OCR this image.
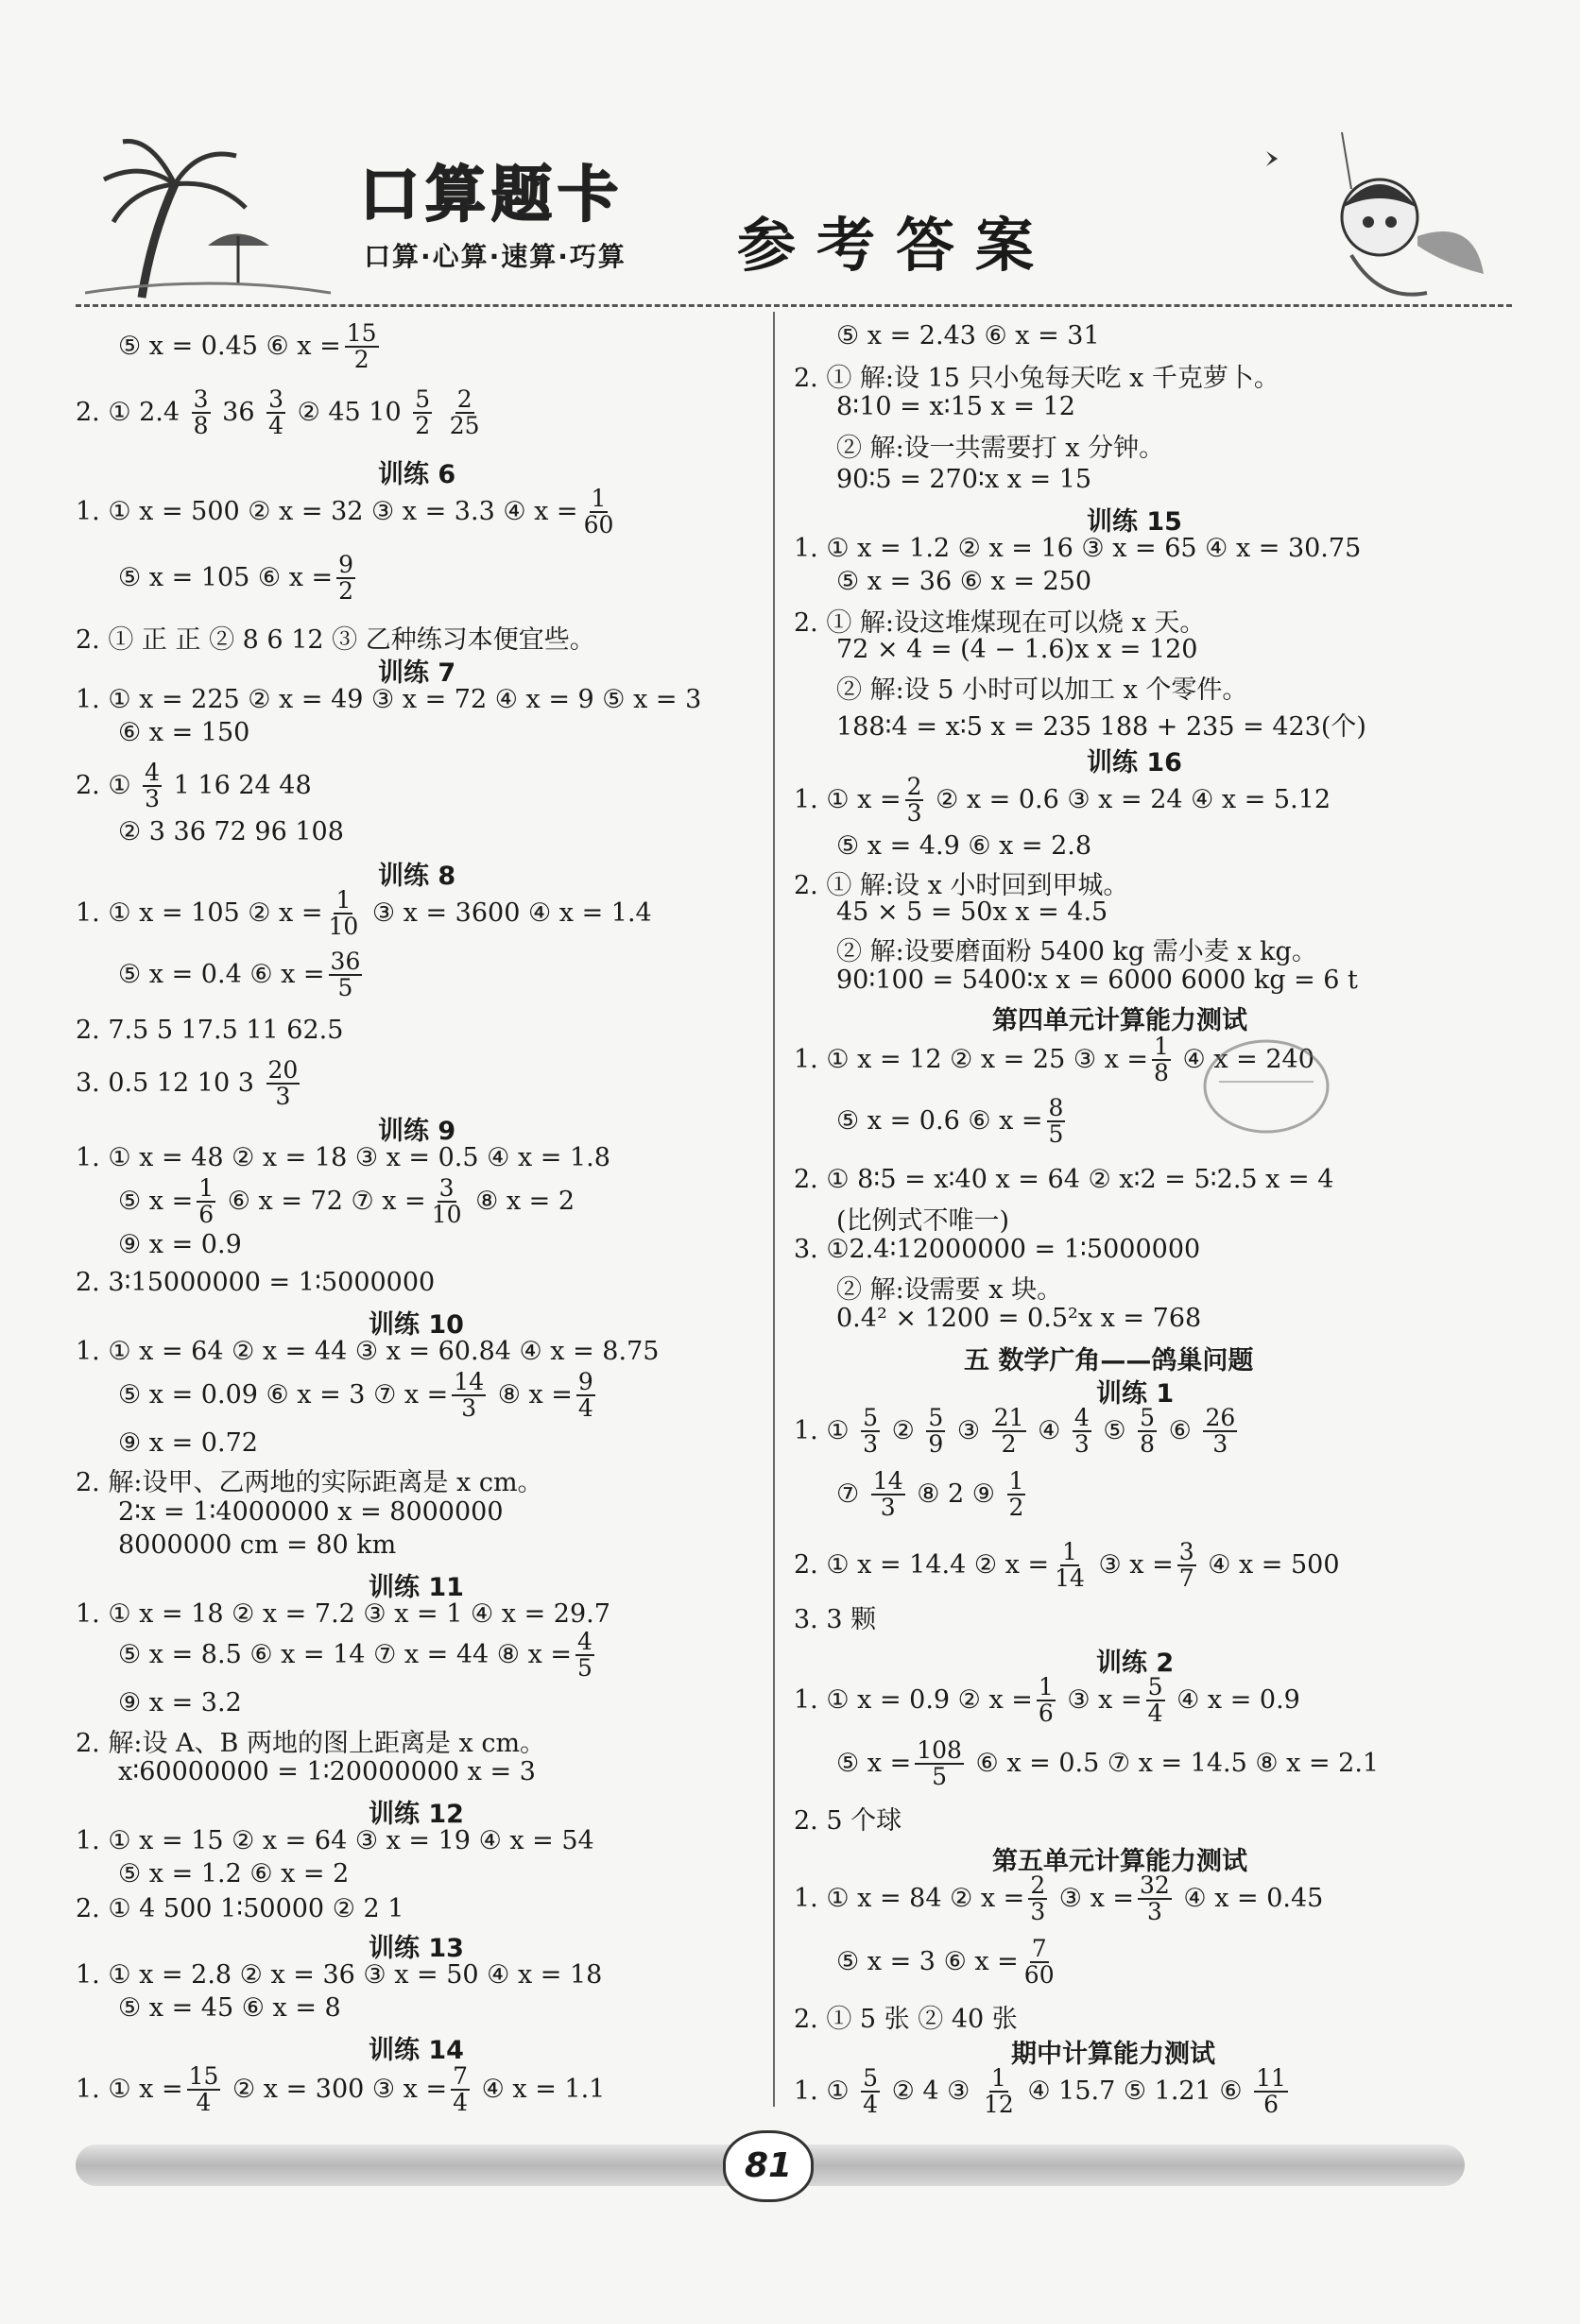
口算题卡
口算·心算·速算·巧算 参考答案
⑤ x = 0.45 ⑥ $x = \frac{15}{2}$
2. ① $2.4 \frac{3}{8} 36 \frac{3}{4}$ ② 45 $10 \frac{5}{2}$
$\frac{2}{25}$
训练 6
1. ① x = 500 ② x = 32 ③ x = 3.3 ④ $x = \frac{1}{60}$
⑤ x = 105 ⑥ $x = \frac{9}{2}$
2. ① 正 正 ② 8 6 12 ③ 乙种练习本便宜些。
训练 7
1. ① x = 225 ② x = 49 ③ x = 72 ④ x = 9 ⑤ x = 3
⑥ x = 150
2. ① $\frac{4}{3} 1$ 16 24 48
② 3 36 72 96 108
训练 8
1. ① x = 105 ② $x = \frac{1}{10}$ ③ x = 3600 ④ x = 1.4
⑤ x = 0.4 ⑥ $x = \frac{36}{5}$
2. 7.5 5 17.5 11 62.5
3. 0.5 12 10 $3 \frac{20}{3}$
训练 9
1. ① x = 48 ② x = 18 ③ x = 0.5 ④ x = 1.8
⑤ $x = \frac{1}{6}$ ⑥ x = 72 ⑦ $x = \frac{3}{10}$ ⑧ x = 2
⑨ x = 0.9
2. 3∶15000000 = 1∶5000000
训练 10
1. ① x = 64 ② x = 44 ③ x = 60.84 ④ x = 8.75
⑤ x = 0.09 ⑥ x = 3 ⑦ $x = \frac{14}{3}$ ⑧ $x = \frac{9}{4}$
⑨ x = 0.72
2. 解:设甲、乙两地的实际距离是 x cm。
2∶x = 1∶4000000 x = 8000000
8000000 cm = 80 km
训练 11
1. ① x = 18 ② x = 7.2 ③ x = 1 ④ x = 29.7
⑤ x = 8.5 ⑥ x = 14 ⑦ x = 44 ⑧ $x = \frac{4}{5}$
⑨ x = 3.2
2. 解:设 A、B 两地的图上距离是 x cm。
x∶60000000 = 1∶20000000 x = 3
训练 12
1. ① x = 15 ② x = 64 ③ x = 19 ④ x = 54
⑤ x = 1.2 ⑥ x = 2
2. ① 4 500 1∶50000 ② 2 1
训练 13
1. ① x = 2.8 ② x = 36 ③ x = 50 ④ x = 18
⑤ x = 45 ⑥ x = 8
训练 14
1. ① $x = \frac{15}{4}$ ② x = 300 ③ $x = \frac{7}{4}$ ④ x = 1.1
⑤ x = 2.43 ⑥ x = 31
2. ① 解:设 15 只小兔每天吃 x 千克萝卜。
8∶10 = x∶15 x = 12
② 解:设一共需要打 x 分钟。
90∶5 = 270∶x x = 15
训练 15
1. ① x = 1.2 ② x = 16 ③ x = 65 ④ x = 30.75
⑤ x = 36 ⑥ x = 250
2. ① 解:设这堆煤现在可以烧 x 天。
72 × 4 = (4 − 1.6)x x = 120
② 解:设 5 小时可以加工 x 个零件。
188∶4 = x∶5 x = 235 188 + 235 = 423(个)
训练 16
1. ① $x = \frac{2}{3}$ ② x = 0.6 ③ x = 24 ④ x = 5.12
⑤ x = 4.9 ⑥ x = 2.8
2. ① 解:设 x 小时回到甲城。
45 × 5 = 50x x = 4.5
② 解:设要磨面粉 5400 kg 需小麦 x kg。
90∶100 = 5400∶x x = 6000 6000 kg = 6 t
第四单元计算能力测试
1. ① x = 12 ② x = 25 ③ $x = \frac{1}{8}$ ④ x = 240
⑤ x = 0.6 ⑥ $x = \frac{8}{5}$
2. ① 8∶5 = x∶40 x = 64 ② x∶2 = 5∶2.5 x = 4
(比例式不唯一)
3. ①2.4∶12000000 = 1∶5000000
② 解:设需要 x 块。
0.4² × 1200 = 0.5²x x = 768
五 数学广角——鸽巢问题
训练 1
1. ① $\frac{5}{3}$ ② $\frac{5}{9}$ ③ $\frac{21}{2}$ ④ $\frac{4}{3}$ ⑤ $\frac{5}{8}$ ⑥ $\frac{26}{3}$
⑦ $\frac{14}{3}$ ⑧ 2 ⑨ $\frac{1}{2}$
2. ① x = 14.4 ② $x = \frac{1}{14}$ ③ $x = \frac{3}{7}$ ④ x = 500
3. 3 颗
训练 2
1. ① x = 0.9 ② $x = \frac{1}{6}$ ③ $x = \frac{5}{4}$ ④ x = 0.9
⑤ $x = \frac{108}{5}$ ⑥ x = 0.5 ⑦ x = 14.5 ⑧ x = 2.1
2. 5 个球
第五单元计算能力测试
1. ① x = 84 ② $x = \frac{2}{3}$ ③ $x = \frac{32}{3}$ ④ x = 0.45
⑤ x = 3 ⑥ $x = \frac{7}{60}$
2. ① 5 张 ② 40 张
期中计算能力测试
1. ① $\frac{5}{4}$ ② 4 ③ $\frac{1}{12}$ ④ 15.7 ⑤ 1.21 ⑥ $\frac{11}{6}$
81
